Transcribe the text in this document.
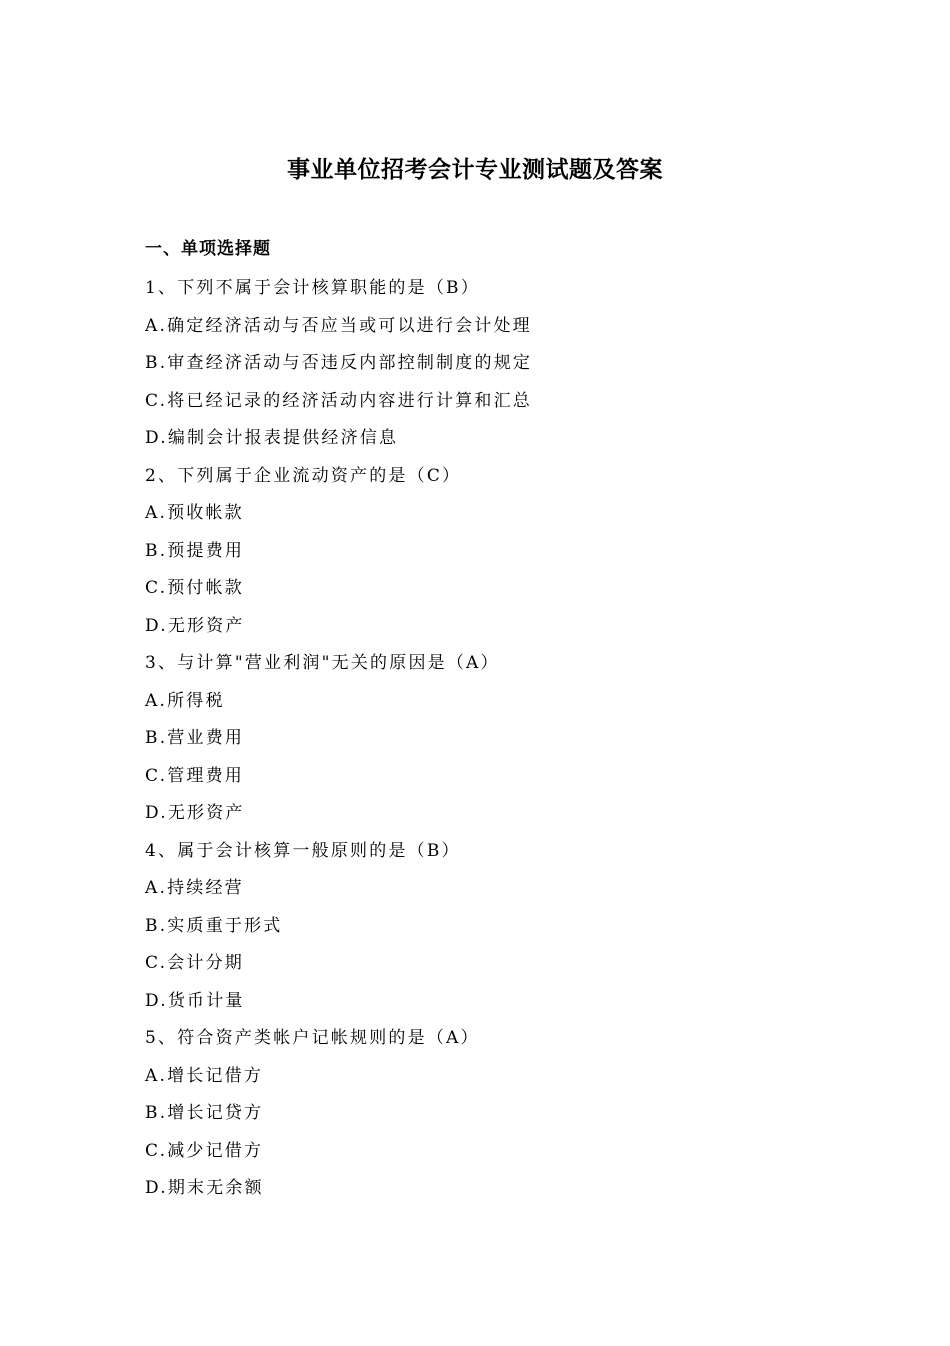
事业单位招考会计专业测试题及答案
一、单项选择题
1、下列不属于会计核算职能的是（B）
A.确定经济活动与否应当或可以进行会计处理
B.审查经济活动与否违反内部控制制度的规定
C.将已经记录的经济活动内容进行计算和汇总
D.编制会计报表提供经济信息
2、下列属于企业流动资产的是（C）
A.预收帐款
B.预提费用
C.预付帐款
D.无形资产
3、与计算"营业利润"无关的原因是（A）
A.所得税
B.营业费用
C.管理费用
D.无形资产
4、属于会计核算一般原则的是（B）
A.持续经营
B.实质重于形式
C.会计分期
D.货币计量
5、符合资产类帐户记帐规则的是（A）
A.增长记借方
B.增长记贷方
C.减少记借方
D.期末无余额
